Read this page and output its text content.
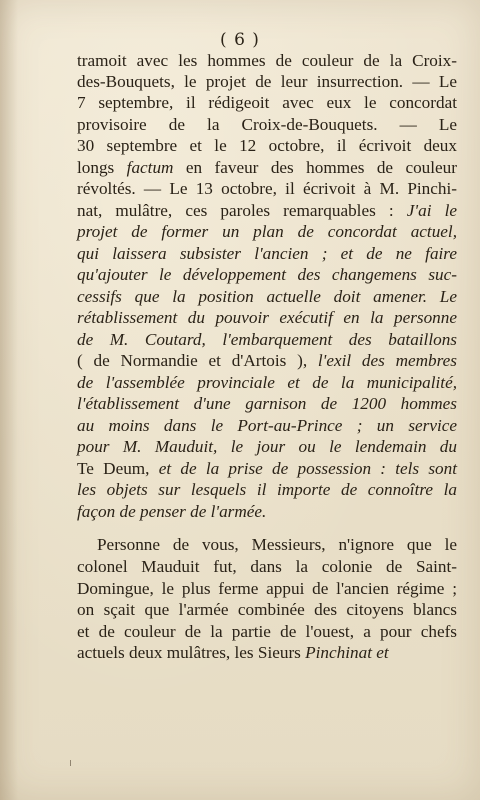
( 6 )
tramoit avec les hommes de couleur de la Croix-
des-Bouquets, le projet de leur insurrection. — Le
7 septembre, il rédigeoit avec eux le concordat
provisoire de la Croix-de-Bouquets. — Le
30 septembre et le 12 octobre, il écrivoit deux
longs factum en faveur des hommes de couleur
révoltés. — Le 13 octobre, il écrivoit à M. Pinchi-
nat, mulâtre, ces paroles remarquables : J'ai le
projet de former un plan de concordat actuel,
qui laissera subsister l'ancien ; et de ne faire
qu'ajouter le développement des changemens suc-
cessifs que la position actuelle doit amener. Le
rétablissement du pouvoir exécutif en la personne
de M. Coutard, l'embarquement des bataillons
( de Normandie et d'Artois ), l'exil des membres
de l'assemblée provinciale et de la municipalité,
l'établissement d'une garnison de 1200 hommes
au moins dans le Port-au-Prince ; un service
pour M. Mauduit, le jour ou le lendemain du
Te Deum, et de la prise de possession : tels sont
les objets sur lesquels il importe de connoître la
façon de penser de l'armée.
Personne de vous, Messieurs, n'ignore que le
colonel Mauduit fut, dans la colonie de Saint-
Domingue, le plus ferme appui de l'ancien régime ;
on sçait que l'armée combinée des citoyens blancs
et de couleur de la partie de l'ouest, a pour chefs
actuels deux mulâtres, les Sieurs Pinchinat et
